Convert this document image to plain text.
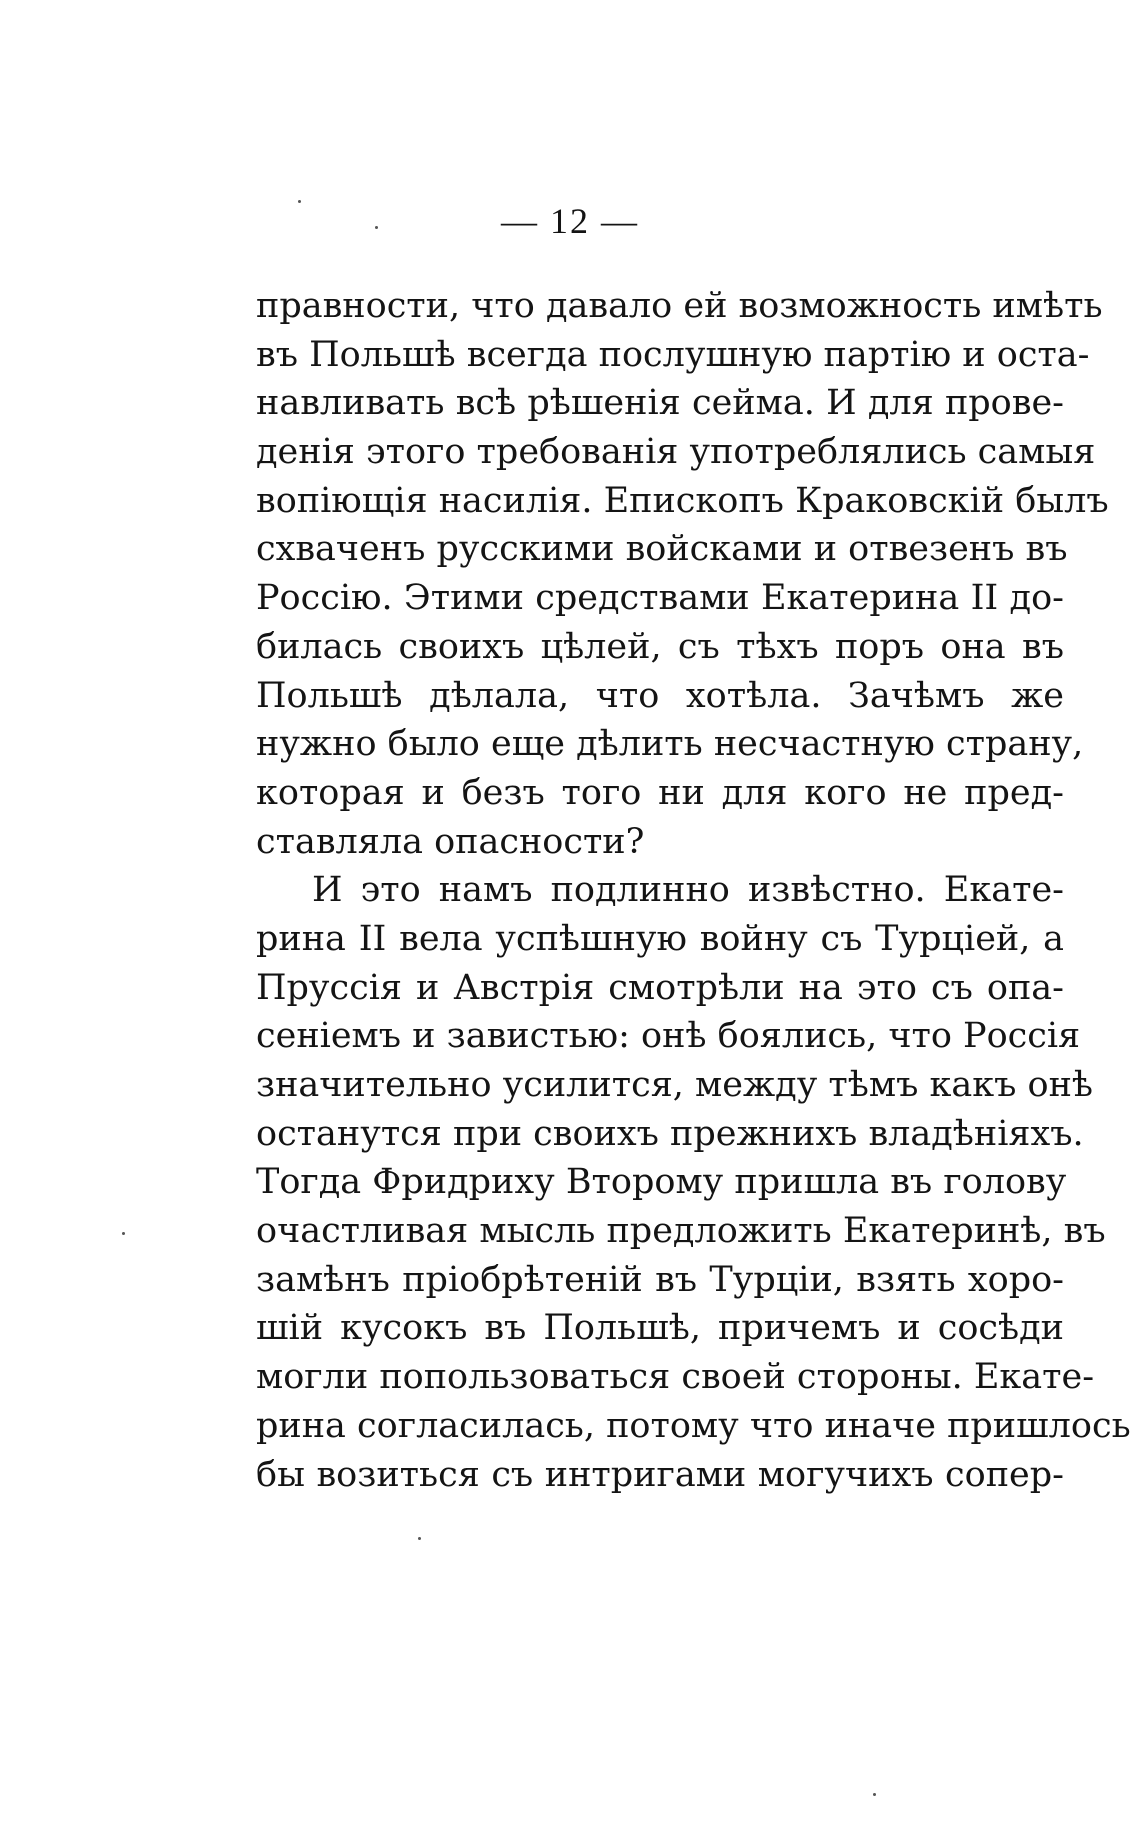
— 12 —
правности, что давало ей возможность имѣть
въ Польшѣ всегда послушную партію и оста-
навливать всѣ рѣшенія сейма. И для прове-
денія этого требованія употреблялись самыя
вопіющія насилія. Епископъ Краковскій былъ
схваченъ русскими войсками и отвезенъ въ
Россію. Этими средствами Екатерина II до-
билась своихъ цѣлей, съ тѣхъ поръ она въ
Польшѣ дѣлала, что хотѣла. Зачѣмъ же
нужно было еще дѣлить несчастную страну,
которая и безъ того ни для кого не пред-
ставляла опасности?
И это намъ подлинно извѣстно. Екате-
рина II вела успѣшную войну съ Турціей, а
Пруссія и Австрія смотрѣли на это съ опа-
сеніемъ и завистью: онѣ боялись, что Россія
значительно усилится, между тѣмъ какъ онѣ
останутся при своихъ прежнихъ владѣніяхъ.
Тогда Фридриху Второму пришла въ голову
очастливая мысль предложить Екатеринѣ, въ
замѣнъ пріобрѣтеній въ Турціи, взять хоро-
шій кусокъ въ Польшѣ, причемъ и сосѣди
могли попользоваться своей стороны. Екате-
рина согласилась, потому что иначе пришлось
бы возиться съ интригами могучихъ сопер-
